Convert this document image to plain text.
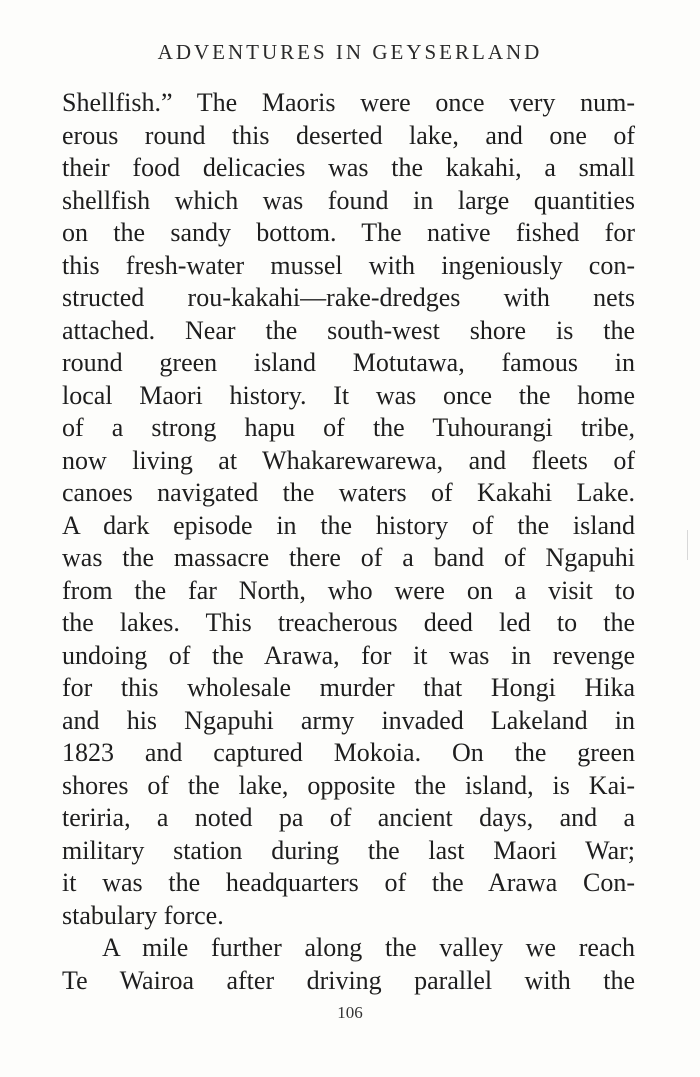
ADVENTURES IN GEYSERLAND
Shellfish.” The Maoris were once very num-
erous round this deserted lake, and one of
their food delicacies was the kakahi, a small
shellfish which was found in large quantities
on the sandy bottom. The native fished for
this fresh-water mussel with ingeniously con-
structed rou-kakahi—rake-dredges with nets
attached. Near the south-west shore is the
round green island Motutawa, famous in
local Maori history. It was once the home
of a strong hapu of the Tuhourangi tribe,
now living at Whakarewarewa, and fleets of
canoes navigated the waters of Kakahi Lake.
A dark episode in the history of the island
was the massacre there of a band of Ngapuhi
from the far North, who were on a visit to
the lakes. This treacherous deed led to the
undoing of the Arawa, for it was in revenge
for this wholesale murder that Hongi Hika
and his Ngapuhi army invaded Lakeland in
1823 and captured Mokoia. On the green
shores of the lake, opposite the island, is Kai-
teriria, a noted pa of ancient days, and a
military station during the last Maori War;
it was the headquarters of the Arawa Con-
stabulary force.
A mile further along the valley we reach
Te Wairoa after driving parallel with the
106
